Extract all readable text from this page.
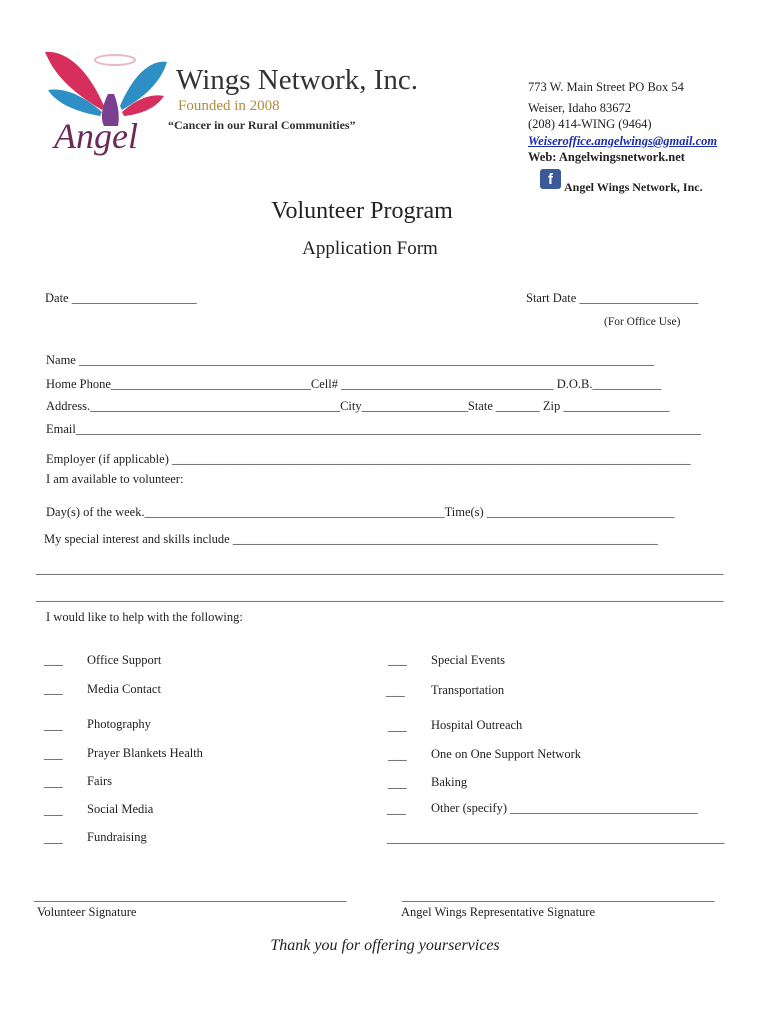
Angel
Wings Network, Inc.
Founded in 2008
“Cancer in our Rural Communities”
773 W. Main Street PO Box 54
Weiser, Idaho 83672
(208) 414-WING (9464)
Weiseroffice.angelwings@gmail.com
Web: Angelwingsnetwork.net
f Angel Wings Network, Inc.
Volunteer Program
Application Form
Date ____________________	Start Date ___________________
(For Office Use)
Name ____________________________________________________________________________________________
Home Phone________________________________Cell# __________________________________ D.O.B.___________
Address.________________________________________City_________________State _______ Zip _________________
Email____________________________________________________________________________________________________
Employer (if applicable) ___________________________________________________________________________________
I am available to volunteer:
Day(s) of the week.________________________________________________Time(s) ______________________________
My special interest and skills include ____________________________________________________________________
______________________________________________________________________________________________________________
______________________________________________________________________________________________________________
I would like to help with the following:
___ Office Support
___ Media Contact
___ Photography
___ Prayer Blankets Health
___ Fairs
___ Social Media
___ Fundraising
___ Special Events
___ Transportation
___ Hospital Outreach
___ One on One Support Network
___ Baking
___ Other (specify) ______________________________
______________________________________________________
__________________________________________________
Volunteer Signature
__________________________________________________
Angel Wings Representative Signature
Thank you for offering yourservices
